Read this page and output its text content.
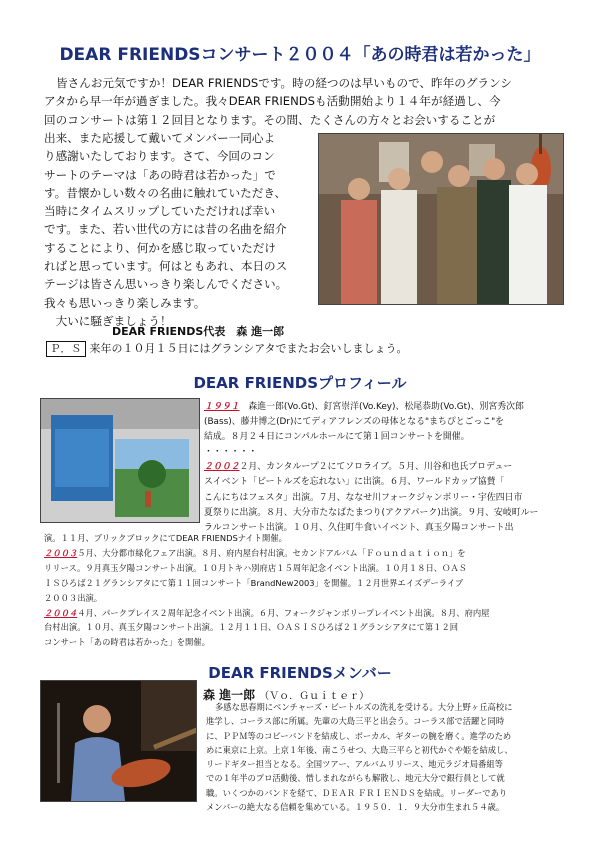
DEAR FRIENDSコンサート２００４「あの時君は若かった」
皆さんお元気ですか！DEAR FRIENDSです。時の経つのは早いもので、昨年のグランシ
アタから早一年が過ぎました。我々DEAR FRIENDSも活動開始より１４年が経過し、今
回のコンサートは第１２回目となります。その間、たくさんの方々とお会いすることが
出来、また応援して戴いてメンバー一同心よ
り感謝いたしております。さて、今回のコン
サートのテーマは「あの時君は若かった」で
す。昔懐かしい数々の名曲に触れていただき、
当時にタイムスリップしていただければ幸い
です。また、若い世代の方には昔の名曲を紹介
することにより、何かを感じ取っていただけ
ればと思っています。何はともあれ、本日のス
テージは皆さん思いっきり楽しんでください。
我々も思いっきり楽しみます。
　大いに騒ぎましょう！
DEAR FRIENDS代表　森 進一郎
Ｐ．Ｓ 来年の１０月１５日にはグランシアタでまたお会いしましょう。
DEAR FRIENDSプロフィール
１９９１　 森進一郎(Vo.Gt)、釘宮崇洋(Vo.Key)、松尾恭助(Vo.Gt)、別宮秀次郎
(Bass)、藤井博之(Dr)にてディアフレンズの母体となる"まちぴとごっこ"を
結成。８月２４日にコンパルホールにて第１回コンサートを開催。
・・・・・・
２００２２月、カンタループ２にてソロライブ。５月、川谷和也氏プロデュー
スイベント「ビートルズを忘れない」に出演。６月、ワールドカップ協賛「
こんにちはフェスタ」出演。７月、ななせ川フォークジャンボリー・宇佐四日市
夏祭りに出演。８月、大分市たなばたまつり(アクアパーク)出演。９月、安岐町ルー
ラルコンサート出演。１０月、久住町牛食いイベント、真玉夕陽コンサート出
演。１１月、ブリックブロックにてDEAR FRIENDSナイト開催。
２００３５月、大分都市緑化フェア出演。８月、府内屋台村出演。セカンドアルバム「Ｆｏｕｎｄａｔｉｏｎ」を
リリース。９月真玉夕陽コンサート出演。１０月トキハ別府店１５周年記念イベント出演。１０月１８日、ＯＡＳ
ＩＳひろば２１グランシアタにて第１１回コンサート「BrandNew2003」を開催。１２月世界エイズデーライブ
２００３出演。
２００４４月、パークプレイス２周年記念イベント出演。６月、フォークジャンボリープレイベント出演。８月、府内屋
台村出演。１０月、真玉夕陽コンサート出演。１２月１１日、ＯＡＳＩＳひろば２１グランシアタにて第１２回
コンサート「あの時君は若かった」を開催。
DEAR FRIENDSメンバー
森 進一郎 （Ｖｏ．Ｇｕｉｔｅｒ）
多感な思春期にベンチャーズ・ビートルズの洗礼を受ける。大分上野ヶ丘高校に
進学し、コーラス部に所属。先輩の大島三平と出会う。コーラス部で活躍と同時
に、ＰＰＭ等のコピーバンドを結成し、ボーカル、ギターの腕を磨く。進学のため
めに東京に上京。上京１年後、南こうせつ、大島三平らと初代かぐや姫を結成し、
リードギター担当となる。全国ツアー、アルバムリリース、地元ラジオ局番組等
での１年半のプロ活動後、惜しまれながらも解散し、地元大分で銀行員として就
職。いくつかのバンドを経て、ＤＥＡＲ ＦＲＩＥＮＤＳを結成。リーダーであり
メンバーの絶大なる信頼を集めている。１９５０．１．９大分市生まれ５４歳。
